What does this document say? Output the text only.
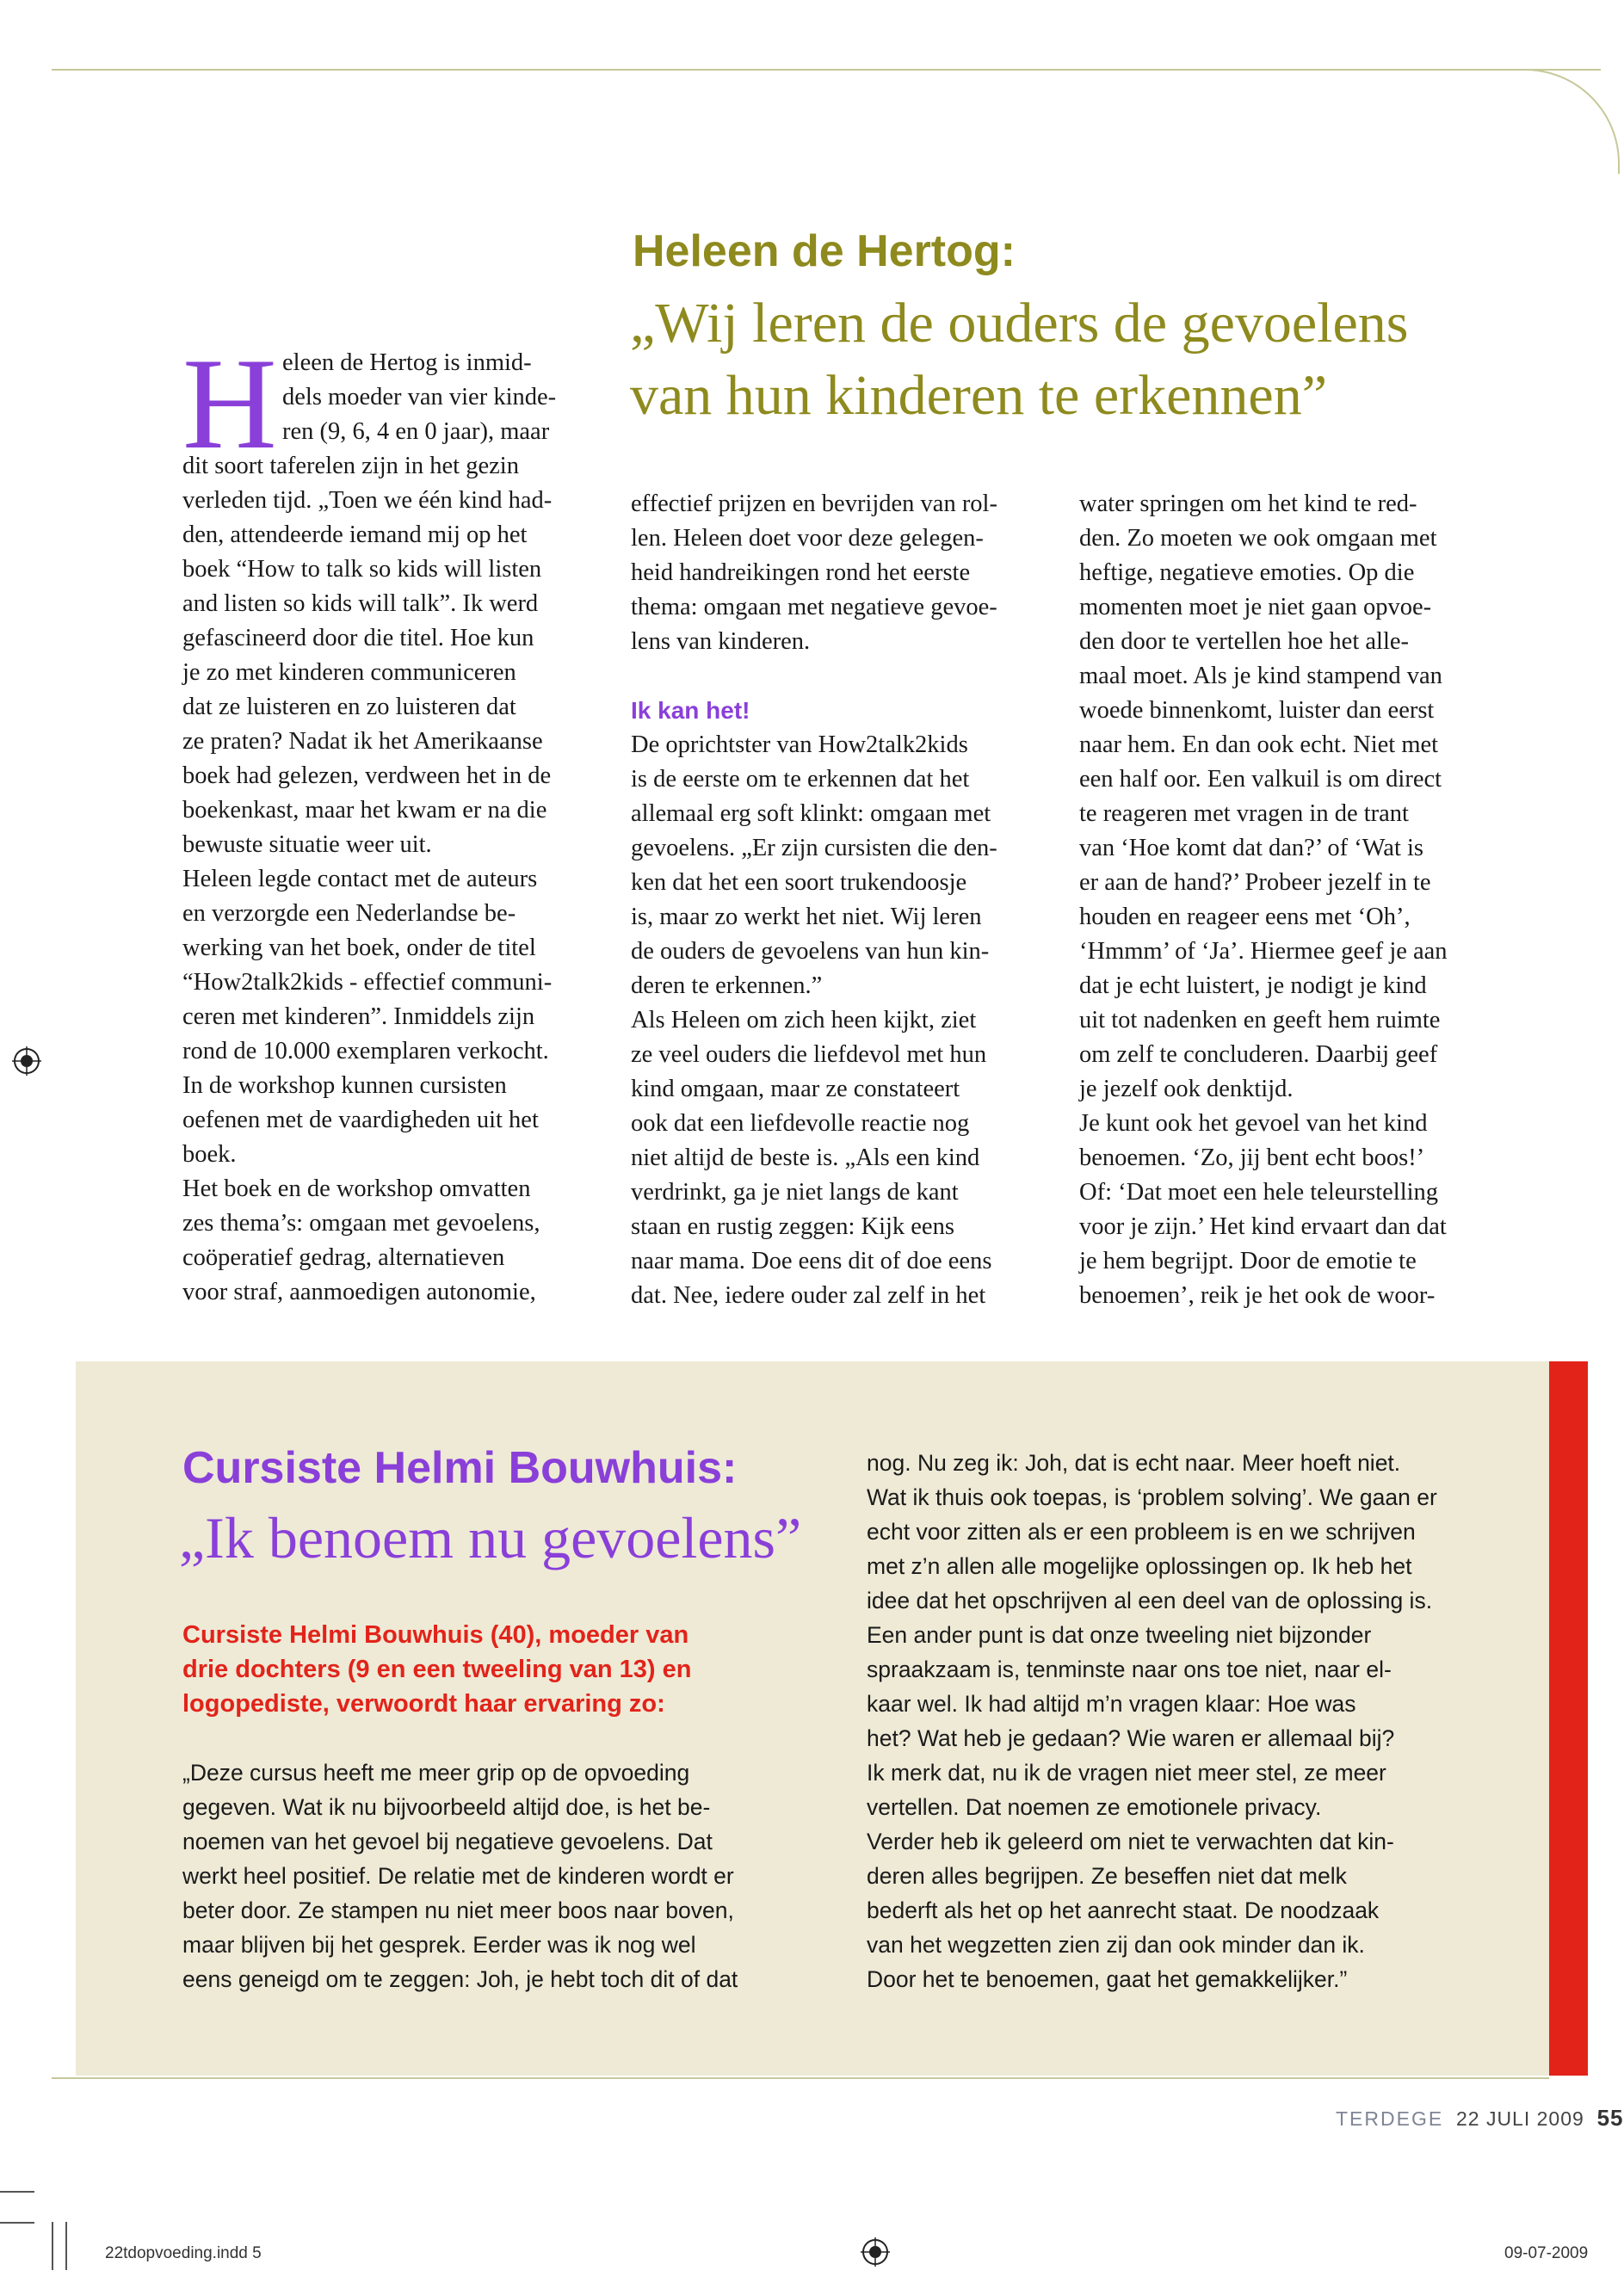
Heleen de Hertog:
„Wij leren de ouders de gevoelens van hun kinderen te erkennen”
H eleen de Hertog is inmid-

dels moeder van vier kinde-

ren (9, 6, 4 en 0 jaar), maar

dit soort taferelen zijn in het gezin

verleden tijd. „Toen we één kind had-

den, attendeerde iemand mij op het

boek “How to talk so kids will listen

and listen so kids will talk”. Ik werd

gefascineerd door die titel. Hoe kun

je zo met kinderen communiceren

dat ze luisteren en zo luisteren dat

ze praten? Nadat ik het Amerikaanse

boek had gelezen, verdween het in de

boekenkast, maar het kwam er na die

bewuste situatie weer uit.

Heleen legde contact met de auteurs

en verzorgde een Nederlandse be-

werking van het boek, onder de titel

“How2talk2kids - effectief communi-

ceren met kinderen”. Inmiddels zijn

rond de 10.000 exemplaren verkocht.

In de workshop kunnen cursisten

oefenen met de vaardigheden uit het

boek.

Het boek en de workshop omvatten

zes thema’s: omgaan met gevoelens,

coöperatief gedrag, alternatieven

voor straf, aanmoedigen autonomie,

effectief prijzen en bevrijden van rol-

len. Heleen doet voor deze gelegen-

heid handreikingen rond het eerste

thema: omgaan met negatieve gevoe-

lens van kinderen.

Ik kan het!

De oprichtster van How2talk2kids

is de eerste om te erkennen dat het

allemaal erg soft klinkt: omgaan met

gevoelens. „Er zijn cursisten die den-

ken dat het een soort trukendoosje

is, maar zo werkt het niet. Wij leren

de ouders de gevoelens van hun kin-

deren te erkennen.”

Als Heleen om zich heen kijkt, ziet

ze veel ouders die liefdevol met hun

kind omgaan, maar ze constateert

ook dat een liefdevolle reactie nog

niet altijd de beste is. „Als een kind

verdrinkt, ga je niet langs de kant

staan en rustig zeggen: Kijk eens

naar mama. Doe eens dit of doe eens

dat. Nee, iedere ouder zal zelf in het

water springen om het kind te red-

den. Zo moeten we ook omgaan met

heftige, negatieve emoties. Op die

momenten moet je niet gaan opvoe-

den door te vertellen hoe het alle-

maal moet. Als je kind stampend van

woede binnenkomt, luister dan eerst

naar hem. En dan ook echt. Niet met

een half oor. Een valkuil is om direct

te reageren met vragen in de trant

van ‘Hoe komt dat dan?’ of ‘Wat is

er aan de hand?’ Probeer jezelf in te

houden en reageer eens met ‘Oh’,

‘Hmmm’ of ‘Ja’. Hiermee geef je aan

dat je echt luistert, je nodigt je kind

uit tot nadenken en geeft hem ruimte

om zelf te concluderen. Daarbij geef

je jezelf ook denktijd.

Je kunt ook het gevoel van het kind

benoemen. ‘Zo, jij bent echt boos!’

Of: ‘Dat moet een hele teleurstelling

voor je zijn.’ Het kind ervaart dan dat

je hem begrijpt. Door de emotie te

benoemen’, reik je het ook de woor-

Cursiste Helmi Bouwhuis:
„Ik benoem nu gevoelens”

Cursiste Helmi Bouwhuis (40), moeder van

drie dochters (9 en een tweeling van 13) en

logopediste, verwoordt haar ervaring zo:

„Deze cursus heeft me meer grip op de opvoeding

gegeven. Wat ik nu bijvoorbeeld altijd doe, is het be-

noemen van het gevoel bij negatieve gevoelens. Dat

werkt heel positief. De relatie met de kinderen wordt er

beter door. Ze stampen nu niet meer boos naar boven,

maar blijven bij het gesprek. Eerder was ik nog wel

eens geneigd om te zeggen: Joh, je hebt toch dit of dat

nog. Nu zeg ik: Joh, dat is echt naar. Meer hoeft niet.

Wat ik thuis ook toepas, is ‘problem solving’. We gaan er

echt voor zitten als er een probleem is en we schrijven

met z’n allen alle mogelijke oplossingen op. Ik heb het

idee dat het opschrijven al een deel van de oplossing is.

Een ander punt is dat onze tweeling niet bijzonder

spraakzaam is, tenminste naar ons toe niet, naar el-

kaar wel. Ik had altijd m’n vragen klaar: Hoe was

het? Wat heb je gedaan? Wie waren er allemaal bij?

Ik merk dat, nu ik de vragen niet meer stel, ze meer

vertellen. Dat noemen ze emotionele privacy.

Verder heb ik geleerd om niet te verwachten dat kin-

deren alles begrijpen. Ze beseffen niet dat melk

bederft als het op het aanrecht staat. De noodzaak

van het wegzetten zien zij dan ook minder dan ik.

Door het te benoemen, gaat het gemakkelijker.”

TERDEGE 22 JULI 2009 55
22tdopvoeding.indd 5	09-07-2009
